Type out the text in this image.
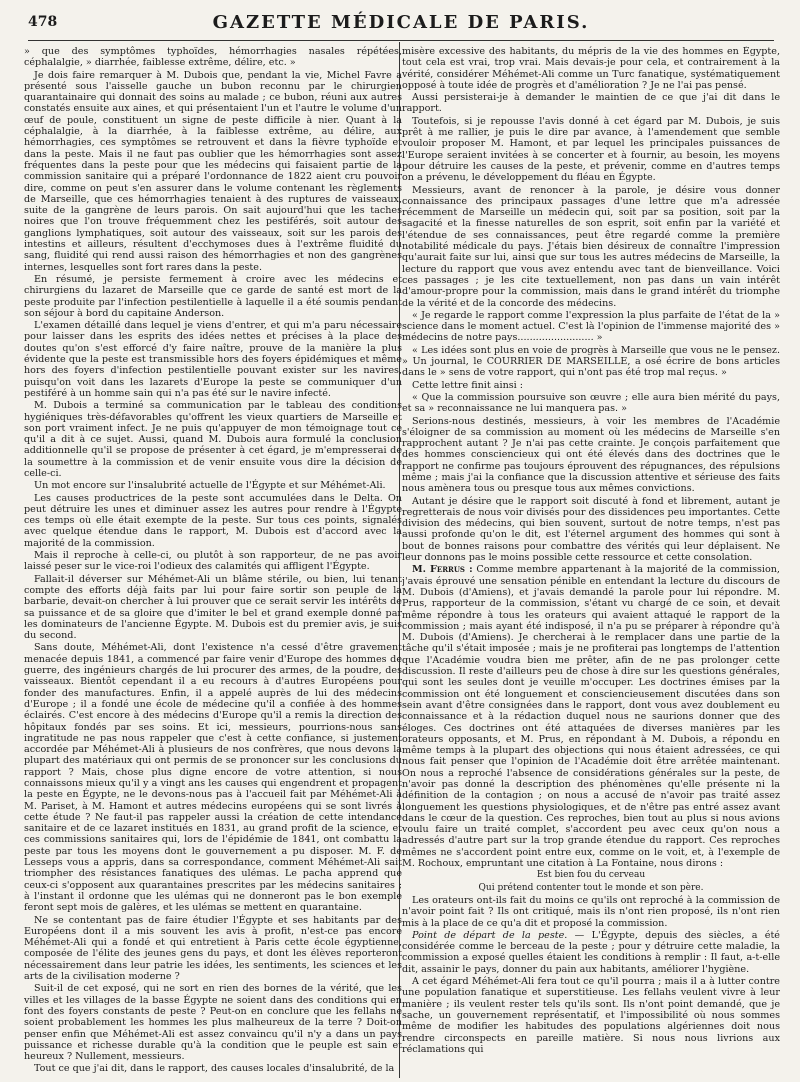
478	GAZETTE MÉDICALE DE PARIS.

» que des symptômes typhoïdes, hémorrhagies nasales répétées, céphalalgie, » diarrhée, faiblesse extrême, délire, etc. »

Je dois faire remarquer à M. Dubois que, pendant la vie, Michel Favre a présenté sous l'aisselle gauche un bubon reconnu par le chirurgien quarantainaire qui donnait des soins au malade ; ce bubon, réuni aux autres constatés ensuite aux aines, et qui présentaient l'un et l'autre le volume d'un œuf de poule, constituent un signe de peste difficile à nier. Quant à la céphalalgie, à la diarrhée, à la faiblesse extrême, au délire, aux hémorrhagies, ces symptômes se retrouvent et dans la fièvre typhoïde et dans la peste. Mais il ne faut pas oublier que les hémorrhagies sont assez fréquentes dans la peste pour que les médecins qui faisaient partie de la commission sanitaire qui a préparé l'ordonnance de 1822 aient cru pouvoir dire, comme on peut s'en assurer dans le volume contenant les règlements de Marseille, que ces hémorrhagies tenaient à des ruptures de vaisseaux, suite de la gangrène de leurs parois. On sait aujourd'hui que les taches noires que l'on trouve fréquemment chez les pestiférés, soit autour des ganglions lymphatiques, soit autour des vaisseaux, soit sur les parois des intestins et ailleurs, résultent d'ecchymoses dues à l'extrême fluidité du sang, fluidité qui rend aussi raison des hémorrhagies et non des gangrènes internes, lesquelles sont fort rares dans la peste.

En résumé, je persiste fermement à croire avec les médecins et chirurgiens du lazaret de Marseille que ce garde de santé est mort de la peste produite par l'infection pestilentielle à laquelle il a été soumis pendant son séjour à bord du capitaine Anderson.

L'examen détaillé dans lequel je viens d'entrer, et qui m'a paru nécessaire pour laisser dans les esprits des idées nettes et précises à la place des doutes qu'on s'est efforcé d'y faire naître, prouve de la manière la plus évidente que la peste est transmissible hors des foyers épidémiques et même hors des foyers d'infection pestilentielle pouvant exister sur les navires, puisqu'on voit dans les lazarets d'Europe la peste se communiquer d'un pestiféré à un homme sain qui n'a pas été sur le navire infecté.

M. Dubois a terminé sa communication par le tableau des conditions hygiéniques très-défavorables qu'offrent les vieux quartiers de Marseille et son port vraiment infect. Je ne puis qu'appuyer de mon témoignage tout ce qu'il a dit à ce sujet. Aussi, quand M. Dubois aura formulé la conclusion additionnelle qu'il se propose de présenter à cet égard, je m'empresserai de la soumettre à la commission et de venir ensuite vous dire la décision de celle-ci.

Un mot encore sur l'insalubrité actuelle de l'Égypte et sur Méhémet-Ali.

Les causes productrices de la peste sont accumulées dans le Delta. On peut détruire les unes et diminuer assez les autres pour rendre à l'Égypte ces temps où elle était exempte de la peste. Sur tous ces points, signalés avec quelque étendue dans le rapport, M. Dubois est d'accord avec la majorité de la commission.

Mais il reproche à celle-ci, ou plutôt à son rapporteur, de ne pas avoir laissé peser sur le vice-roi l'odieux des calamités qui affligent l'Égypte.

Fallait-il déverser sur Méhémet-Ali un blâme stérile, ou bien, lui tenant compte des efforts déjà faits par lui pour faire sortir son peuple de la barbarie, devait-on chercher à lui prouver que ce serait servir les intérêts de sa puissance et de sa gloire que d'imiter le bel et grand exemple donné par les dominateurs de l'ancienne Égypte. M. Dubois est du premier avis, je suis du second.

Sans doute, Méhémet-Ali, dont l'existence n'a cessé d'être gravement menacée depuis 1841, a commencé par faire venir d'Europe des hommes de guerre, des ingénieurs chargés de lui procurer des armes, de la poudre, des vaisseaux. Bientôt cependant il a eu recours à d'autres Européens pour fonder des manufactures. Enfin, il a appelé auprès de lui des médecins d'Europe ; il a fondé une école de médecine qu'il a confiée à des hommes éclairés. C'est encore à des médecins d'Europe qu'il a remis la direction des hôpitaux fondés par ses soins. Et ici, messieurs, pourrions-nous sans ingratitude ne pas nous rappeler que c'est à cette confiance, si justement accordée par Méhémet-Ali à plusieurs de nos confrères, que nous devons la plupart des matériaux qui ont permis de se prononcer sur les conclusions du rapport ? Mais, chose plus digne encore de votre attention, si nous connaissons mieux qu'il y a vingt ans les causes qui engendrent et propagent la peste en Égypte, ne le devons-nous pas à l'accueil fait par Méhémet-Ali à M. Pariset, à M. Hamont et autres médecins européens qui se sont livrés à cette étude ? Ne faut-il pas rappeler aussi la création de cette intendance sanitaire et de ce lazaret institués en 1831, au grand profit de la science, et ces commissions sanitaires qui, lors de l'épidémie de 1841, ont combattu la peste par tous les moyens dont le gouvernement a pu disposer. M. F. de Lesseps vous a appris, dans sa correspondance, comment Méhémet-Ali sait triompher des résistances fanatiques des ulémas. Le pacha apprend que ceux-ci s'opposent aux quarantaines prescrites par les médecins sanitaires ; à l'instant il ordonne que les ulémas qui ne donneront pas le bon exemple feront sept mois de galères, et les ulémas se mettent en quarantaine.

Ne se contentant pas de faire étudier l'Égypte et ses habitants par des Européens dont il a mis souvent les avis à profit, n'est-ce pas encore Méhémet-Ali qui a fondé et qui entretient à Paris cette école égyptienne, composée de l'élite des jeunes gens du pays, et dont les élèves reporteront nécessairement dans leur patrie les idées, les sentiments, les sciences et les arts de la civilisation moderne ?

Suit-il de cet exposé, qui ne sort en rien des bornes de la vérité, que les villes et les villages de la basse Égypte ne soient dans des conditions qui en font des foyers constants de peste ? Peut-on en conclure que les fellahs ne soient probablement les hommes les plus malheureux de la terre ? Doit-on penser enfin que Méhémet-Ali est assez convaincu qu'il n'y a dans un pays puissance et richesse durable qu'à la condition que le peuple est sain et heureux ? Nullement, messieurs.

Tout ce que j'ai dit, dans le rapport, des causes locales d'insalubrité, de la

misère excessive des habitants, du mépris de la vie des hommes en Égypte, tout cela est vrai, trop vrai. Mais devais-je pour cela, et contrairement à la vérité, considérer Méhémet-Ali comme un Turc fanatique, systématiquement opposé à toute idée de progrès et d'amélioration ? Je ne l'ai pas pensé.

Aussi persisterai-je à demander le maintien de ce que j'ai dit dans le rapport.

Toutefois, si je repousse l'avis donné à cet égard par M. Dubois, je suis prêt à me rallier, je puis le dire par avance, à l'amendement que semble vouloir proposer M. Hamont, et par lequel les principales puissances de l'Europe seraient invitées à se concerter et à fournir, au besoin, les moyens pour détruire les causes de la peste, et prévenir, comme en d'autres temps on a prévenu, le développement du fléau en Égypte.

Messieurs, avant de renoncer à la parole, je désire vous donner connaissance des principaux passages d'une lettre que m'a adressée récemment de Marseille un médecin qui, soit par sa position, soit par la sagacité et la finesse naturelles de son esprit, soit enfin par la variété et l'étendue de ses connaissances, peut être regardé comme la première notabilité médicale du pays. J'étais bien désireux de connaître l'impression qu'aurait faite sur lui, ainsi que sur tous les autres médecins de Marseille, la lecture du rapport que vous avez entendu avec tant de bienveillance. Voici ces passages ; je les cite textuellement, non pas dans un vain intérêt d'amour-propre pour la commission, mais dans le grand intérêt du triomphe de la vérité et de la concorde des médecins.

« Je regarde le rapport comme l'expression la plus parfaite de l'état de la » science dans le moment actuel. C'est là l'opinion de l'immense majorité des » médecins de notre pays......................... »

« Les idées sont plus en voie de progrès à Marseille que vous ne le pensez. » Un journal, le COURRIER DE MARSEILLE, a osé écrire de bons articles dans le » sens de votre rapport, qui n'ont pas été trop mal reçus. »

Cette lettre finit ainsi :

« Que la commission poursuive son œuvre ; elle aura bien mérité du pays, et sa » reconnaissance ne lui manquera pas. »

Serions-nous destinés, messieurs, à voir les membres de l'Académie s'éloigner de sa commission au moment où les médecins de Marseille s'en rapprochent autant ? Je n'ai pas cette crainte. Je conçois parfaitement que des hommes consciencieux qui ont été élevés dans des doctrines que le rapport ne confirme pas toujours éprouvent des répugnances, des répulsions même ; mais j'ai la confiance que la discussion attentive et sérieuse des faits nous amènera tous ou presque tous aux mêmes convictions.

Autant je désire que le rapport soit discuté à fond et librement, autant je regretterais de nous voir divisés pour des dissidences peu importantes. Cette division des médecins, qui bien souvent, surtout de notre temps, n'est pas aussi profonde qu'on le dit, est l'éternel argument des hommes qui sont à bout de bonnes raisons pour combattre des vérités qui leur déplaisent. Ne leur donnons pas le moins possible cette ressource et cette consolation.

M. Ferrus : Comme membre appartenant à la majorité de la commission, j'avais éprouvé une sensation pénible en entendant la lecture du discours de M. Dubois (d'Amiens), et j'avais demandé la parole pour lui répondre. M. Prus, rapporteur de la commission, s'étant vu chargé de ce soin, et devait même répondre à tous les orateurs qui avaient attaqué le rapport de la commission ; mais ayant été indisposé, il n'a pu se préparer à répondre qu'à M. Dubois (d'Amiens). Je chercherai à le remplacer dans une partie de la tâche qu'il s'était imposée ; mais je ne profiterai pas longtemps de l'attention que l'Académie voudra bien me prêter, afin de ne pas prolonger cette discussion. Il reste d'ailleurs peu de chose à dire sur les questions générales, qui sont les seules dont je veuille m'occuper. Les doctrines émises par la commission ont été longuement et consciencieusement discutées dans son sein avant d'être consignées dans le rapport, dont vous avez doublement eu connaissance et à la rédaction duquel nous ne saurions donner que des éloges. Ces doctrines ont été attaquées de diverses manières par les orateurs opposants, et M. Prus, en répondant à M. Dubois, a répondu en même temps à la plupart des objections qui nous étaient adressées, ce qui nous fait penser que l'opinion de l'Académie doit être arrêtée maintenant. On nous a reproché l'absence de considérations générales sur la peste, de n'avoir pas donné la description des phénomènes qu'elle présente ni la définition de la contagion ; on nous a accusé de n'avoir pas traité assez longuement les questions physiologiques, et de n'être pas entré assez avant dans le cœur de la question. Ces reproches, bien tout au plus si nous avions voulu faire un traité complet, s'accordent peu avec ceux qu'on nous a adressés d'autre part sur la trop grande étendue du rapport. Ces reproches mêmes ne s'accordent point entre eux, comme on le voit, et, à l'exemple de M. Rochoux, empruntant une citation à La Fontaine, nous dirons :

Est bien fou du cerveau

Qui prétend contenter tout le monde et son père.

Les orateurs ont-ils fait du moins ce qu'ils ont reproché à la commission de n'avoir point fait ? Ils ont critiqué, mais ils n'ont rien proposé, ils n'ont rien mis à la place de ce qu'a dit et proposé la commission.

Point de départ de la peste. — L'Égypte, depuis des siècles, a été considérée comme le berceau de la peste ; pour y détruire cette maladie, la commission a exposé quelles étaient les conditions à remplir : Il faut, a-t-elle dit, assainir le pays, donner du pain aux habitants, améliorer l'hygiène.

A cet égard Méhémet-Ali fera tout ce qu'il pourra ; mais il a à lutter contre une population fanatique et superstitieuse. Les fellahs veulent vivre à leur manière ; ils veulent rester tels qu'ils sont. Ils n'ont point demandé, que je sache, un gouvernement représentatif, et l'impossibilité où nous sommes même de modifier les habitudes des populations algériennes doit nous rendre circonspects en pareille matière. Si nous nous livrions aux réclamations qui
